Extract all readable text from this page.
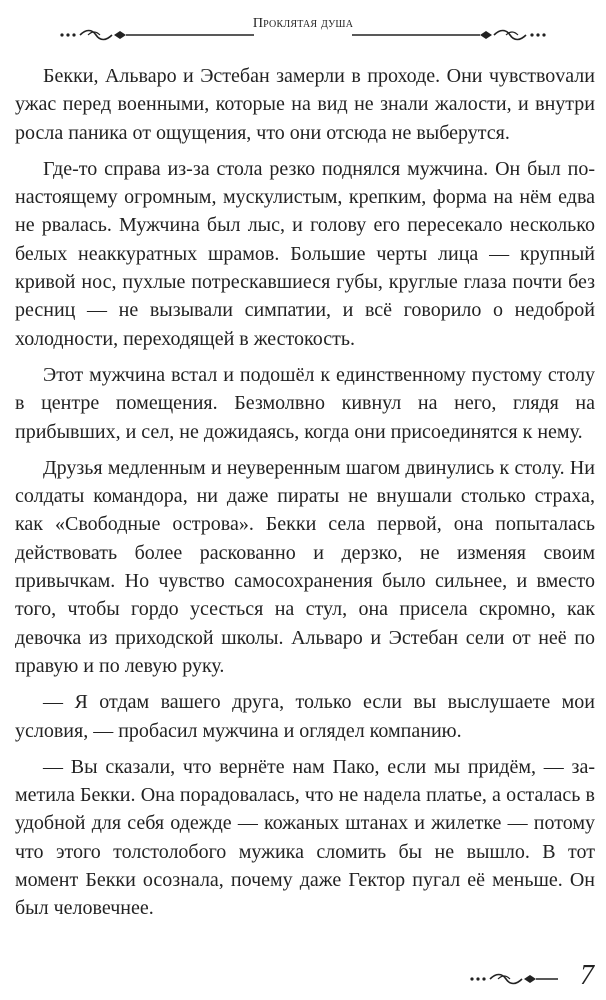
Проклятая душа

Бекки, Альваро и Эстебан замерли в проходе. Они чувствоvали ужас перед военными, которые на вид не знали жалости, и внутри росла паника от ощущения, что они отсюда не выберутся.

Где-то справа из-за стола резко поднялся мужчина. Он был по-настоящему огромным, мускулистым, крепким, форма на нём едва не рвалась. Мужчина был лыс, и голову его пересекало несколько белых неаккуратных шрамов. Большие черты лица — крупный кривой нос, пухлые потрескавшиеся губы, круглые глаза почти без ресниц — не вызывали симпатии, и всё говорило о недоброй холодности, переходящей в жестокость.

Этот мужчина встал и подошёл к единственному пустому столу в центре помещения. Безмолвно кивнул на него, глядя на прибывших, и сел, не дожидаясь, когда они присоединятся к нему.

Друзья медленным и неуверенным шагом двинулись к столу. Ни солдаты командора, ни даже пираты не внушали столько страха, как «Свободные острова». Бекки села первой, она попыталась действовать более раскованно и дерзко, не изменяя своим привычкам. Но чувство самосохранения было сильнее, и вместо того, чтобы гордо усесться на стул, она присела скромно, как девочка из приходской школы. Альваро и Эстебан сели от неё по правую и по левую руку.

— Я отдам вашего друга, только если вы выслушаете мои условия, — пробасил мужчина и оглядел компанию.

— Вы сказали, что вернёте нам Пако, если мы придём, — заметила Бекки. Она порадовалась, что не надела платье, а осталась в удобной для себя одежде — кожаных штанах и жилетке — потому что этого толстолобого мужика сломить бы не вышло. В тот момент Бекки осознала, почему даже Гектор пугал её меньше. Он был человечнее.

7
